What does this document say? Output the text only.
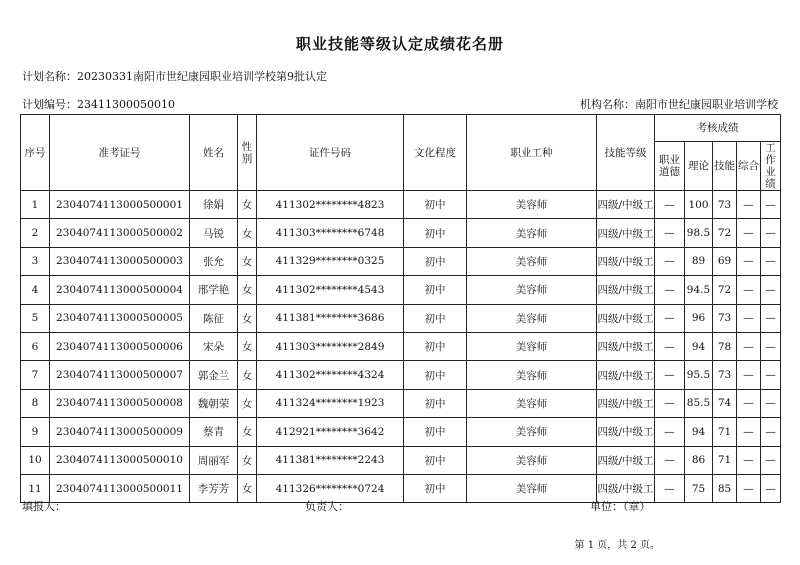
职业技能等级认定成绩花名册
计划名称：20230331南阳市世纪康园职业培训学校第9批认定
计划编号：23411300050010	机构名称：南阳市世纪康园职业培训学校
序号	准考证号	姓名	性别	证件号码	文化程度	职业工种	技能等级	考核成绩				
								职业道德	理论	技能	综合	工作业绩
1	2304074113000500001	徐娟	女	411302********4823	初中	美容师	四级/中级工	—	100	73	—	—
2	2304074113000500002	马锐	女	411303********6748	初中	美容师	四级/中级工	—	98.5	72	—	—
3	2304074113000500003	张允	女	411329********0325	初中	美容师	四级/中级工	—	89	69	—	—
4	2304074113000500004	邢学艳	女	411302********4543	初中	美容师	四级/中级工	—	94.5	72	—	—
5	2304074113000500005	陈征	女	411381********3686	初中	美容师	四级/中级工	—	96	73	—	—
6	2304074113000500006	宋朵	女	411303********2849	初中	美容师	四级/中级工	—	94	78	—	—
7	2304074113000500007	郭金兰	女	411302********4324	初中	美容师	四级/中级工	—	95.5	73	—	—
8	2304074113000500008	魏朝荣	女	411324********1923	初中	美容师	四级/中级工	—	85.5	74	—	—
9	2304074113000500009	蔡青	女	412921********3642	初中	美容师	四级/中级工	—	94	71	—	—
10	2304074113000500010	周丽军	女	411381********2243	初中	美容师	四级/中级工	—	86	71	—	—
11	2304074113000500011	李芳芳	女	411326********0724	初中	美容师	四级/中级工	—	75	85	—	—
填报人：	负责人：	单位：（章）
第 1 页，共 2 页。
